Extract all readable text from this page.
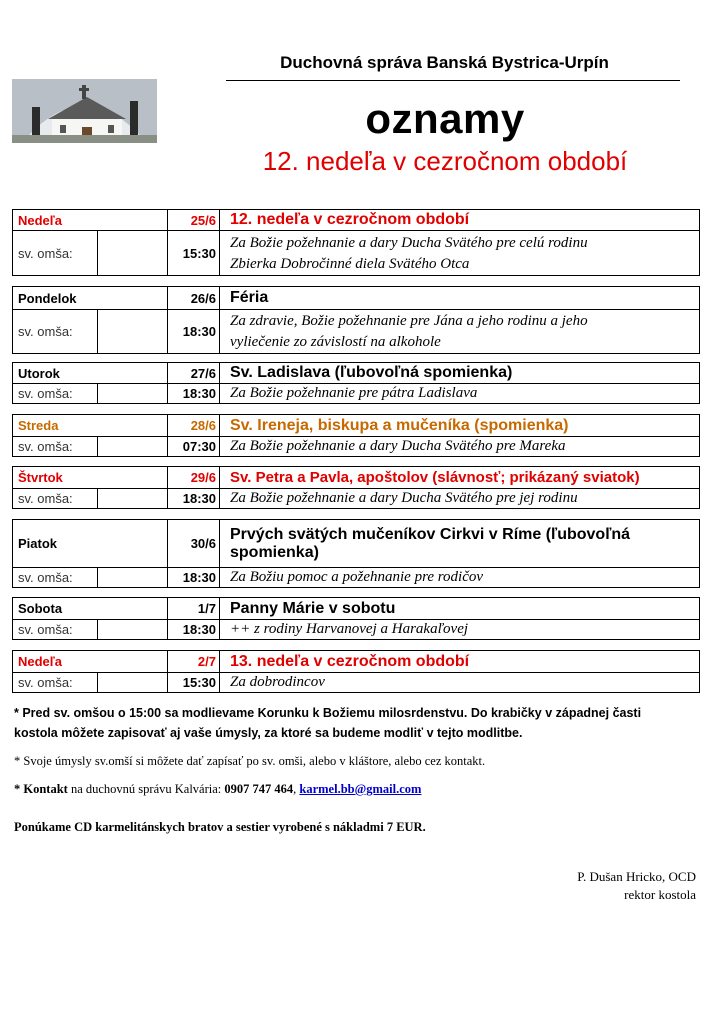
Duchovná správa Banská Bystrica-Urpín
oznamy
12. nedeľa v cezročnom období
Nedeľa	25/6 12. nedeľa v cezročnom období
sv. omša:	15:30
Za Božie požehnanie a dary Ducha Svätého pre celú rodinu
Zbierka Dobročinné diela Svätého Otca
Pondelok	26/6 Féria
sv. omša:	18:30
Za zdravie, Božie požehnanie pre Jána a jeho rodinu a jeho
vyliečenie zo závislostí na alkohole
Utorok	27/6 Sv. Ladislava (ľubovoľná spomienka)
sv. omša:	18:30 Za Božie požehnanie pre pátra Ladislava
Streda	28/6 Sv. Ireneja, biskupa a mučeníka (spomienka)
sv. omša:	07:30 Za Božie požehnanie a dary Ducha Svätého pre Mareka
Štvrtok	29/6 Sv. Petra a Pavla, apoštolov (slávnosť; prikázaný sviatok)
sv. omša:	18:30 Za Božie požehnanie a dary Ducha Svätého pre jej rodinu
Piatok	30/6
Prvých svätých mučeníkov Cirkvi v Ríme (ľubovoľná
spomienka)
sv. omša:	18:30 Za Božiu pomoc a požehnanie pre rodičov
Sobota	1/7 Panny Márie v sobotu
sv. omša:	18:30 ++ z rodiny Harvanovej a Harakaľovej
Nedeľa	2/7 13. nedeľa v cezročnom období
sv. omša:	15:30 Za dobrodincov
* Pred sv. omšou o 15:00 sa modlievame Korunku k Božiemu milosrdenstvu. Do krabičky v západnej časti
kostola môžete zapisovať aj vaše úmysly, za ktoré sa budeme modliť v tejto modlitbe.
* Svoje úmysly sv.omší si môžete dať zapísať po sv. omši, alebo v kláštore, alebo cez kontakt.
* Kontakt na duchovnú správu Kalvária: 0907 747 464, karmel.bb@gmail.com
Ponúkame CD karmelitánskych bratov a sestier vyrobené s nákladmi 7 EUR.
P. Dušan Hricko, OCD
rektor kostola
